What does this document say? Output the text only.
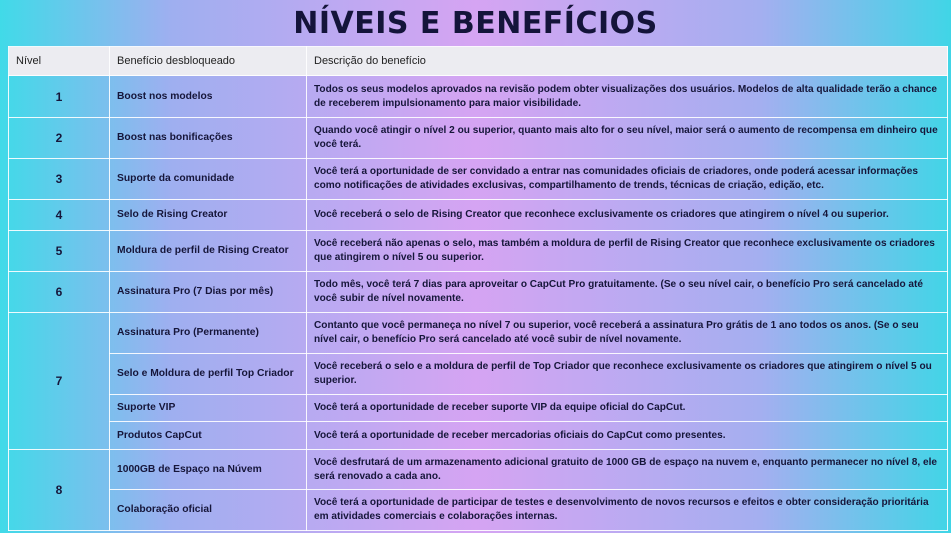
NÍVEIS E BENEFÍCIOS
Nível	Benefício desbloqueado	Descrição do benefício
1	Boost nos modelos	Todos os seus modelos aprovados na revisão podem obter visualizações dos usuários. Modelos de alta qualidade terão a chance de receberem impulsionamento para maior visibilidade.
2	Boost nas bonificações	Quando você atingir o nível 2 ou superior, quanto mais alto for o seu nível, maior será o aumento de recompensa em dinheiro que você terá.
3	Suporte da comunidade	Você terá a oportunidade de ser convidado a entrar nas comunidades oficiais de criadores, onde poderá acessar informações como notificações de atividades exclusivas, compartilhamento de trends, técnicas de criação, edição, etc.
4	Selo de Rising Creator	Você receberá o selo de Rising Creator que reconhece exclusivamente os criadores que atingirem o nível 4 ou superior.
5	Moldura de perfil de Rising Creator	Você receberá não apenas o selo, mas também a moldura de perfil de Rising Creator que reconhece exclusivamente os criadores que atingirem o nível 5 ou superior.
6	Assinatura Pro (7 Dias por mês)	Todo mês, você terá 7 dias para aproveitar o CapCut Pro gratuitamente. (Se o seu nível cair, o benefício Pro será cancelado até você subir de nível novamente.
7	Assinatura Pro (Permanente)	Contanto que você permaneça no nível 7 ou superior, você receberá a assinatura Pro grátis de 1 ano todos os anos. (Se o seu nível cair, o benefício Pro será cancelado até você subir de nível novamente.
	Selo e Moldura de perfil Top Criador	Você receberá o selo e a moldura de perfil de Top Criador que reconhece exclusivamente os criadores que atingirem o nível 5 ou superior.
	Suporte VIP	Você terá a oportunidade de receber suporte VIP da equipe oficial do CapCut.
	Produtos CapCut	Você terá a oportunidade de receber mercadorias oficiais do CapCut como presentes.
8	1000GB de Espaço na Núvem	Você desfrutará de um armazenamento adicional gratuito de 1000 GB de espaço na nuvem e, enquanto permanecer no nível 8, ele será renovado a cada ano.
	Colaboração oficial	Você terá a oportunidade de participar de testes e desenvolvimento de novos recursos e efeitos e obter consideração prioritária em atividades comerciais e colaborações internas.
